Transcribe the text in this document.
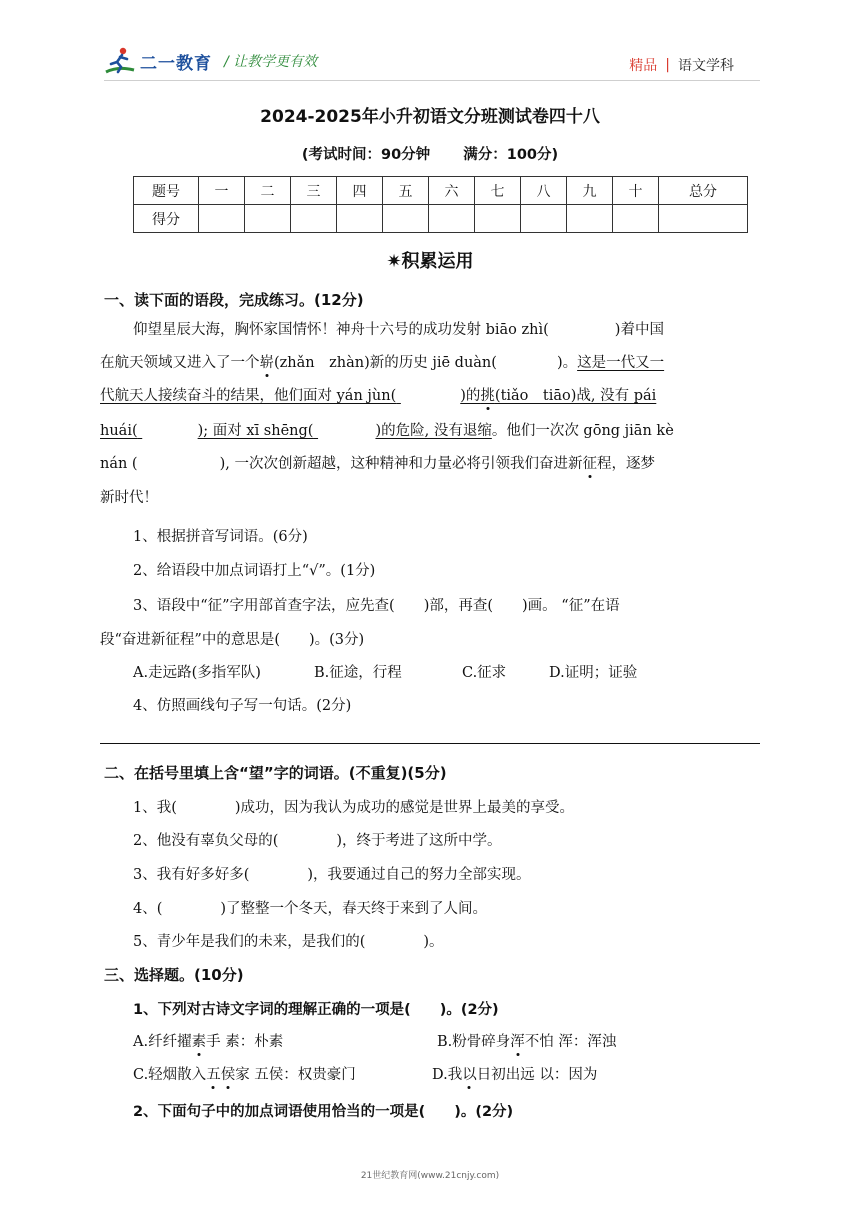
二一教育 / 让教学更有效	精品 | 语文学科
2024-2025年小升初语文分班测试卷四十八
(考试时间：90分钟 满分：100分)
题号	一	二	三	四	五	六	七	八	九	十	总分
得分											
✷积累运用
一、读下面的语段，完成练习。(12分)
仰望星辰大海，胸怀家国情怀！神舟十六号的成功发射 biāo zhì(	)着中国
在航天领域又进入了一个崭(zhǎn　zhàn)新的历史 jiē duàn(	)。这是一代又一
代航天人接续奋斗的结果，他们面对 yán jùn(	)的挑(tiǎo　tiāo)战, 没有 pái
huái(	); 面对 xī shēng(	)的危险, 没有退缩。他们一次次 gōng jiān kè
nán (	), 一次次创新超越，这种精神和力量必将引领我们奋进新征程，逐梦
新时代！
1、根据拼音写词语。(6分)
2、给语段中加点词语打上“√”。(1分)
3、语段中“征”字用部首查字法，应先查(　　)部，再查(　　)画。 “征”在语
段“奋进新征程”中的意思是(　　)。(3分)
A.走远路(多指军队)	B.征途，行程	C.征求	D.证明；证验
4、仿照画线句子写一句话。(2分)
二、在括号里填上含“望”字的词语。(不重复)(5分)
1、我(　　　　)成功，因为我认为成功的感觉是世界上最美的享受。
2、他没有辜负父母的(　　　　)，终于考进了这所中学。
3、我有好多好多(　　　　)，我要通过自己的努力全部实现。
4、(　　　　)了整整一个冬天，春天终于来到了人间。
5、青少年是我们的未来，是我们的(　　　　)。
三、选择题。(10分)
1、下列对古诗文字词的理解正确的一项是(　　)。(2分)
A.纤纤擢素手 素：朴素	B.粉骨碎身浑不怕 浑：浑浊
C.轻烟散入五侯家 五侯：权贵豪门	D.我以日初出远 以：因为
2、下面句子中的加点词语使用恰当的一项是(　　)。(2分)
21世纪教育网(www.21cnjy.com)
